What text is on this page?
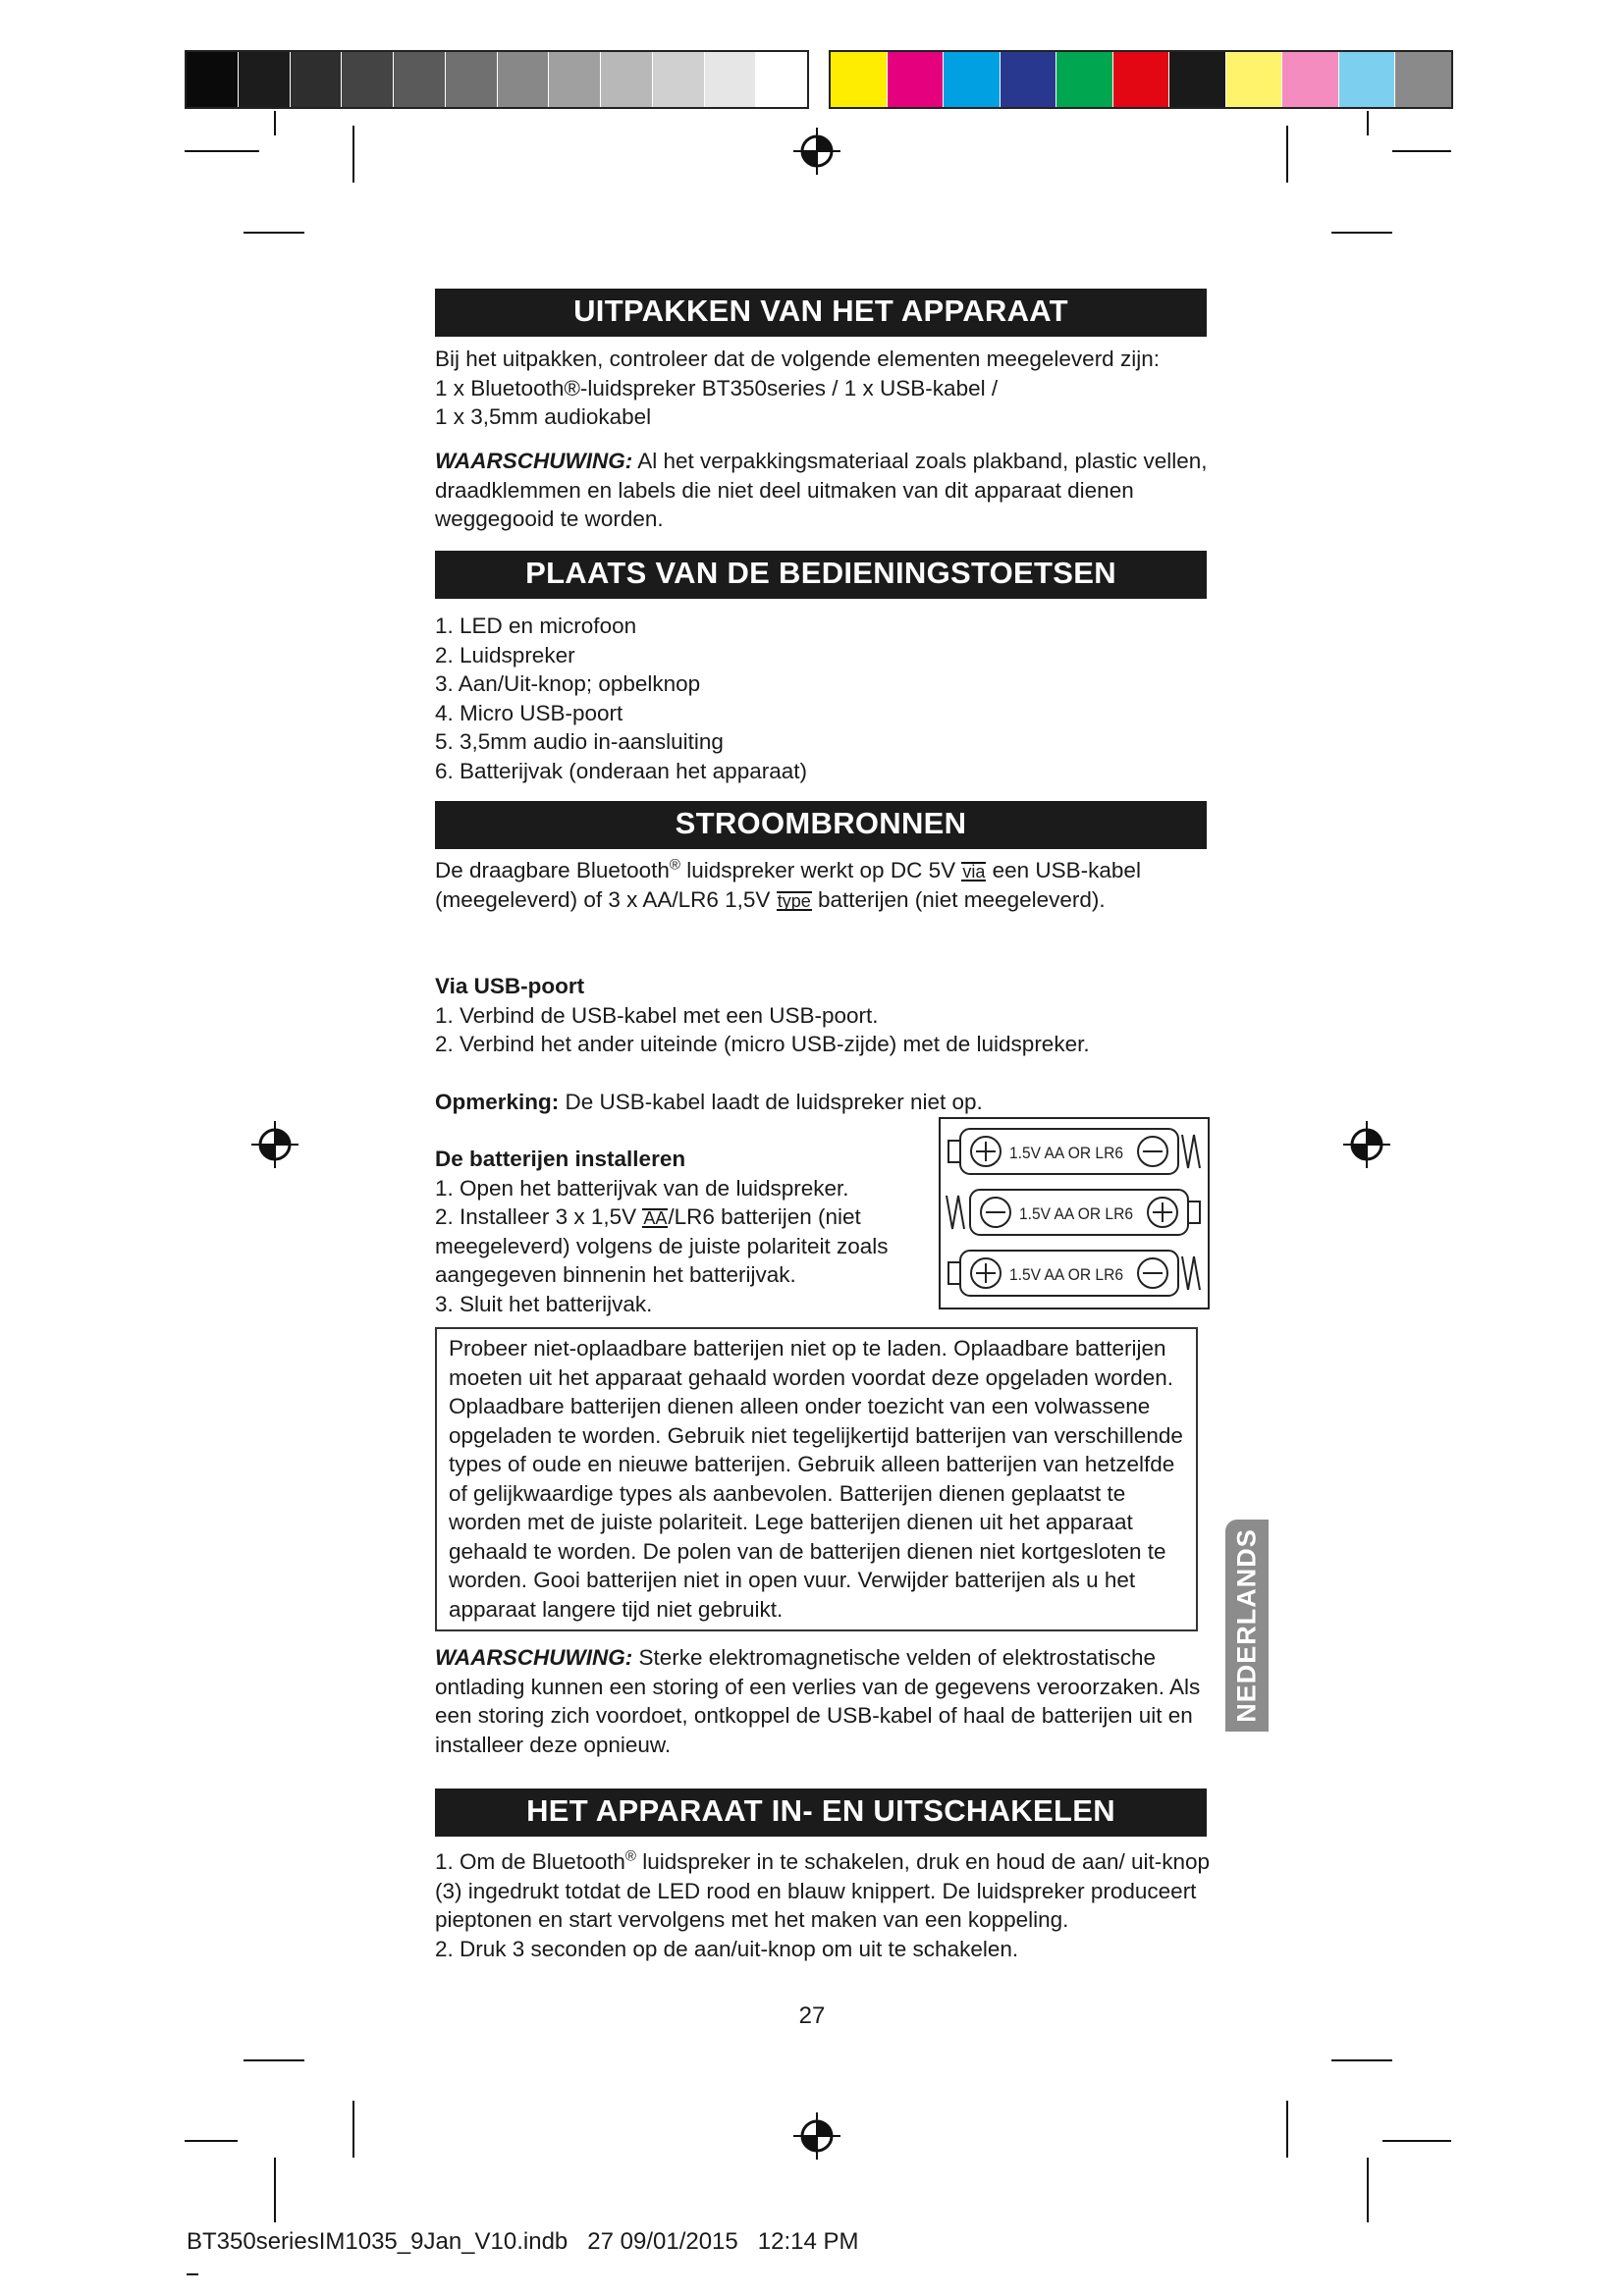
UITPAKKEN VAN HET APPARAAT

Bij het uitpakken, controleer dat de volgende elementen meegeleverd zijn:

1 x Bluetooth®-luidspreker BT350series / 1 x USB-kabel /

1 x 3,5mm audiokabel

WAARSCHUWING: Al het verpakkingsmateriaal zoals plakband, plastic vellen, draadklemmen en labels die niet deel uitmaken van dit apparaat dienen weggegooid te worden.

PLAATS VAN DE BEDIENINGSTOETSEN
1. LED en microfoon
2. Luidspreker
3. Aan/Uit-knop; opbelknop
4. Micro USB-poort
5. 3,5mm audio in-aansluiting
6. Batterijvak (onderaan het apparaat)
STROOMBRONNEN

De draagbare Bluetooth® luidspreker werkt op DC 5V via een USB-kabel (meegeleverd) of 3 x AA/LR6 1,5V type batterijen (niet meegeleverd).

Via USB-poort

1. Verbind de USB-kabel met een USB-poort.

2. Verbind het ander uiteinde (micro USB-zijde) met de luidspreker.

Opmerking: De USB-kabel laadt de luidspreker niet op.

De batterijen installeren

1. Open het batterijvak van de luidspreker.

2. Installeer 3 x 1,5V AA/LR6 batterijen (niet meegeleverd) volgens de juiste polariteit zoals aangegeven binnenin het batterijvak.

3. Sluit het batterijvak.

1.5V AA OR LR6
1.5V AA OR LR6
1.5V AA OR LR6
Probeer niet-oplaadbare batterijen niet op te laden. Oplaadbare batterijen moeten uit het apparaat gehaald worden voordat deze opgeladen worden. Oplaadbare batterijen dienen alleen onder toezicht van een volwassene opgeladen te worden. Gebruik niet tegelijkertijd batterijen van verschillende types of oude en nieuwe batterijen. Gebruik alleen batterijen van hetzelfde of gelijkwaardige types als aanbevolen. Batterijen dienen geplaatst te worden met de juiste polariteit. Lege batterijen dienen uit het apparaat gehaald te worden. De polen van de batterijen dienen niet kortgesloten te worden. Gooi batterijen niet in open vuur. Verwijder batterijen als u het apparaat langere tijd niet gebruikt.

WAARSCHUWING: Sterke elektromagnetische velden of elektrostatische ontlading kunnen een storing of een verlies van de gegevens veroorzaken. Als een storing zich voordoet, ontkoppel de USB-kabel of haal de batterijen uit en installeer deze opnieuw.

NEDERLANDS
HET APPARAAT IN- EN UITSCHAKELEN

1. Om de Bluetooth® luidspreker in te schakelen, druk en houd de aan/ uit-knop (3) ingedrukt totdat de LED rood en blauw knippert. De luidspreker produceert pieptonen en start vervolgens met het maken van een koppeling.

2. Druk 3 seconden op de aan/uit-knop om uit te schakelen.

27
BT350seriesIM1035_9Jan_V10.indb   27 09/01/2015   12:14 PM
